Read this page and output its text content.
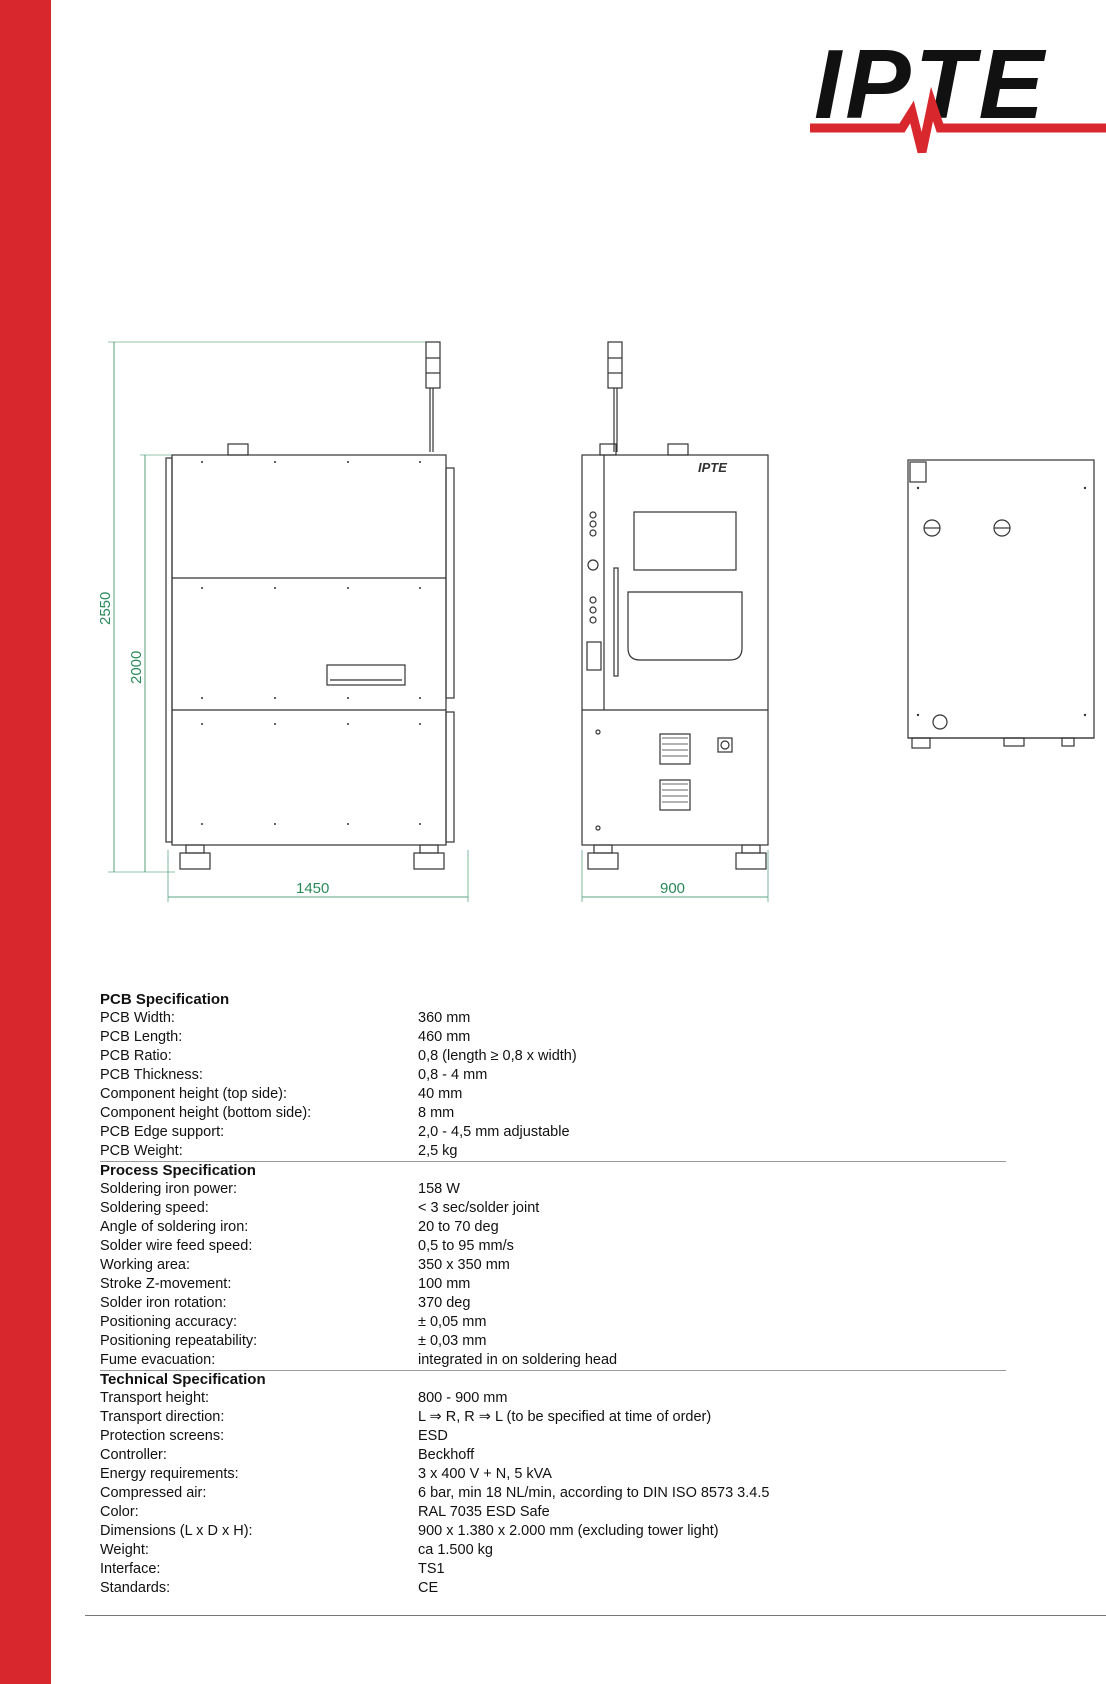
IPTE
2550
2000
1450
IPTE
900
PCB Specification
PCB Width:	360 mm
PCB Length:	460 mm
PCB Ratio:	0,8 (length ≥ 0,8 x width)
PCB Thickness:	0,8 - 4 mm
Component height (top side):	40 mm
Component height (bottom side):	8 mm
PCB Edge support:	2,0 - 4,5 mm adjustable
PCB Weight:	2,5 kg
Process Specification
Soldering iron power:	158 W
Soldering speed:	< 3 sec/solder joint
Angle of soldering iron:	20 to 70 deg
Solder wire feed speed:	0,5 to 95 mm/s
Working area:	350 x 350 mm
Stroke Z-movement:	100 mm
Solder iron rotation:	370 deg
Positioning accuracy:	± 0,05 mm
Positioning repeatability:	± 0,03 mm
Fume evacuation:	integrated in on soldering head
Technical Specification
Transport height:	800 - 900 mm
Transport direction:	L ⇒ R, R ⇒ L (to be specified at time of order)
Protection screens:	ESD
Controller:	Beckhoff
Energy requirements:	3 x 400 V + N, 5 kVA
Compressed air:	6 bar, min 18 NL/min, according to DIN ISO 8573 3.4.5
Color:	RAL 7035 ESD Safe
Dimensions (L x D x H):	900 x 1.380 x 2.000 mm (excluding tower light)
Weight:	ca 1.500 kg
Interface:	TS1
Standards:	CE
